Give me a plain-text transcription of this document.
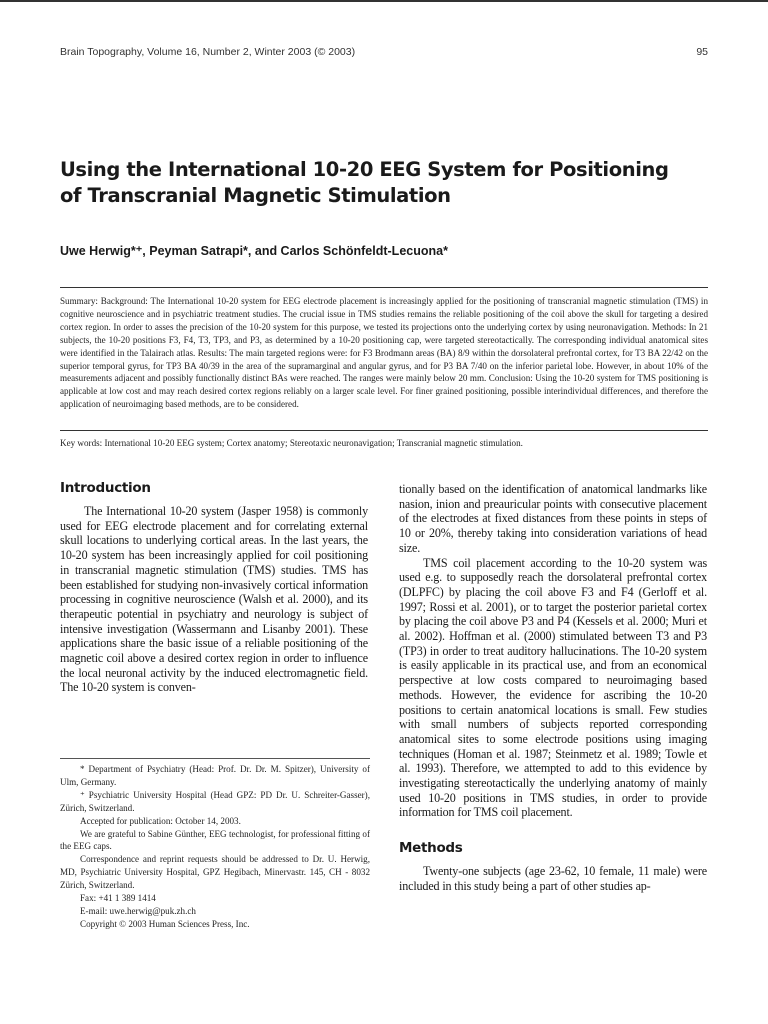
Brain Topography, Volume 16, Number 2, Winter 2003 (© 2003)	95
Using the International 10-20 EEG System for Positioning
of Transcranial Magnetic Stimulation
Uwe Herwig*⁺, Peyman Satrapi*, and Carlos Schönfeldt-Lecuona*

Summary: Background: The International 10-20 system for EEG electrode placement is increasingly applied for the positioning of transcranial magnetic stimulation (TMS) in cognitive neuroscience and in psychiatric treatment studies. The crucial issue in TMS studies remains the reliable positioning of the coil above the skull for targeting a desired cortex region. In order to asses the precision of the 10-20 system for this purpose, we tested its projections onto the underlying cortex by using neuronavigation. Methods: In 21 subjects, the 10-20 positions F3, F4, T3, TP3, and P3, as determined by a 10-20 positioning cap, were targeted stereotactically. The corresponding individual anatomical sites were identified in the Talairach atlas. Results: The main targeted regions were: for F3 Brodmann areas (BA) 8/9 within the dorsolateral prefrontal cortex, for T3 BA 22/42 on the superior temporal gyrus, for TP3 BA 40/39 in the area of the supramarginal and angular gyrus, and for P3 BA 7/40 on the inferior parietal lobe. However, in about 10% of the measurements adjacent and possibly functionally distinct BAs were reached. The ranges were mainly below 20 mm. Conclusion: Using the 10-20 system for TMS positioning is applicable at low cost and may reach desired cortex regions reliably on a larger scale level. For finer grained positioning, possible interindividual differences, and therefore the application of neuroimaging based methods, are to be considered.

Key words: International 10-20 EEG system; Cortex anatomy; Stereotaxic neuronavigation; Transcranial magnetic stimulation.

Introduction

The International 10-20 system (Jasper 1958) is commonly used for EEG electrode placement and for correlating external skull locations to underlying cortical areas. In the last years, the 10-20 system has been increasingly applied for coil positioning in transcranial magnetic stimulation (TMS) studies. TMS has been established for studying non-invasively cortical information processing in cognitive neuroscience (Walsh et al. 2000), and its therapeutic potential in psychiatry and neurology is subject of intensive investigation (Wassermann and Lisanby 2001). These applications share the basic issue of a reliable positioning of the magnetic coil above a desired cortex region in order to influence the local neuronal activity by the induced electromagnetic field. The 10-20 system is conven-

* Department of Psychiatry (Head: Prof. Dr. Dr. M. Spitzer), University of Ulm, Germany.

⁺ Psychiatric University Hospital (Head GPZ: PD Dr. U. Schreiter-Gasser), Zürich, Switzerland.

Accepted for publication: October 14, 2003.

We are grateful to Sabine Günther, EEG technologist, for professional fitting of the EEG caps.

Correspondence and reprint requests should be addressed to Dr. U. Herwig, MD, Psychiatric University Hospital, GPZ Hegibach, Minervastr. 145, CH - 8032 Zürich, Switzerland.

Fax: +41 1 389 1414

E-mail: uwe.herwig@puk.zh.ch

Copyright © 2003 Human Sciences Press, Inc.

tionally based on the identification of anatomical landmarks like nasion, inion and preauricular points with consecutive placement of the electrodes at fixed distances from these points in steps of 10 or 20%, thereby taking into consideration variations of head size.

TMS coil placement according to the 10-20 system was used e.g. to supposedly reach the dorsolateral prefrontal cortex (DLPFC) by placing the coil above F3 and F4 (Gerloff et al. 1997; Rossi et al. 2001), or to target the posterior parietal cortex by placing the coil above P3 and P4 (Kessels et al. 2000; Muri et al. 2002). Hoffman et al. (2000) stimulated between T3 and P3 (TP3) in order to treat auditory hallucinations. The 10-20 system is easily applicable in its practical use, and from an economical perspective at low costs compared to neuroimaging based methods. However, the evidence for ascribing the 10-20 positions to certain anatomical locations is small. Few studies with small numbers of subjects reported corresponding anatomical sites to some electrode positions using imaging techniques (Homan et al. 1987; Steinmetz et al. 1989; Towle et al. 1993). Therefore, we attempted to add to this evidence by investigating stereotactically the underlying anatomy of mainly used 10-20 positions in TMS studies, in order to provide information for TMS coil placement.

Methods

Twenty-one subjects (age 23-62, 10 female, 11 male) were included in this study being a part of other studies ap-
